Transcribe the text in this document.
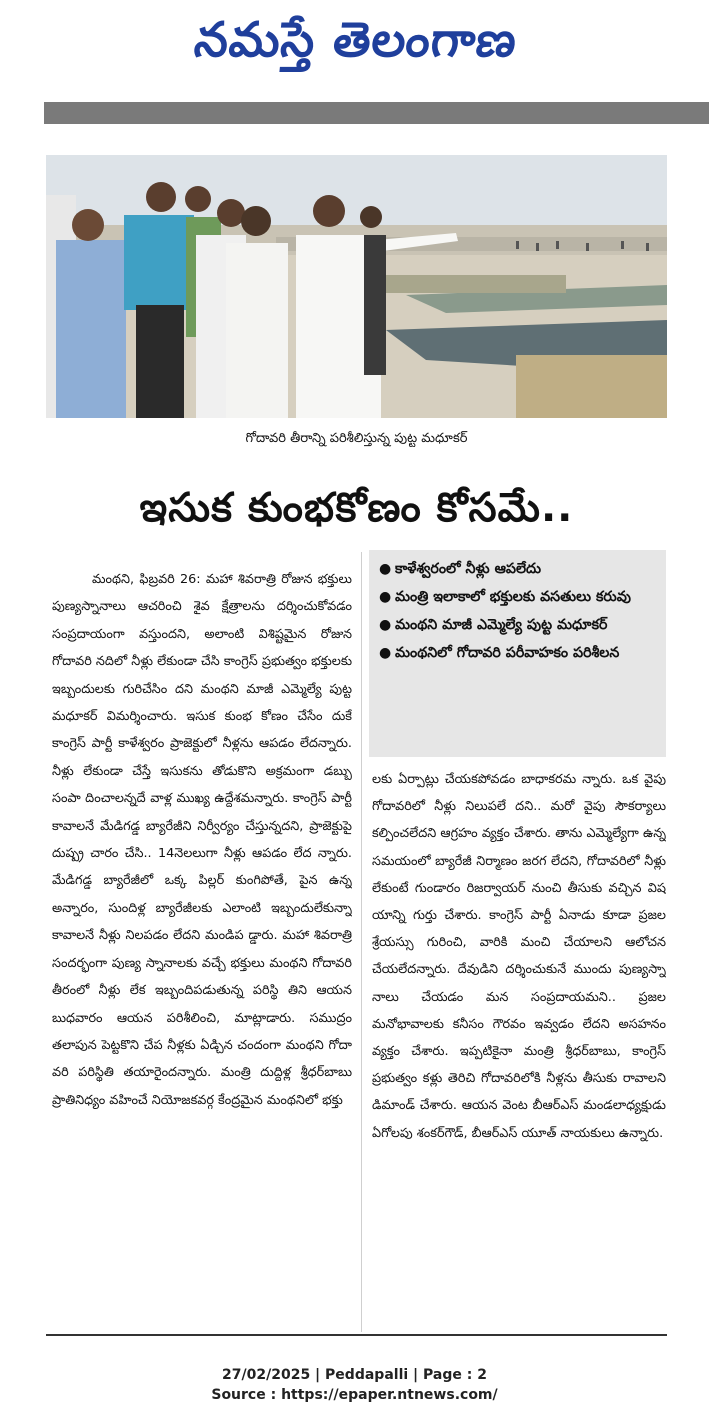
నమస్తే తెలంగాణ
గోదావరి తీరాన్ని పరిశీలిస్తున్న పుట్ట మధూకర్
ఇసుక కుంభకోణం కోసమే..

మంథని, ఫిబ్రవరి 26: మహా శివరాత్రి రోజున భక్తులు పుణ్యస్నానాలు ఆచరించి శైవ క్షేత్రాలను దర్శించుకోవడం సంప్రదాయంగా వస్తుందని, అలాంటి విశిష్టమైన రోజున గోదావరి నదిలో నీళ్లు లేకుండా చేసి కాంగ్రెస్ ప్రభుత్వం భక్తులకు ఇబ్బందులకు గురిచేసిం దని మంథని మాజీ ఎమ్మెల్యే పుట్ట మధూకర్ విమర్శించారు. ఇసుక కుంభ కోణం చేసేం దుకే కాంగ్రెస్ పార్టీ కాళేశ్వరం ప్రాజెక్టులో నీళ్లను ఆపడం లేదన్నారు. నీళ్లు లేకుండా చేస్తే ఇసుకను తోడుకొని అక్రమంగా డబ్బు సంపా దించాలన్నదే వాళ్ల ముఖ్య ఉద్దేశమన్నారు. కాంగ్రెస్ పార్టీ కావాలనే మేడిగడ్డ బ్యారేజీని నిర్వీర్యం చేస్తున్నదని, ప్రాజెక్టుపై దుష్ప్ర చారం చేసి.. 14నెలలుగా నీళ్లు ఆపడం లేద న్నారు. మేడిగడ్డ బ్యారేజీలో ఒక్క పిల్లర్ కుంగిపోతే, పైన ఉన్న అన్నారం, సుందిళ్ల బ్యారేజీలకు ఎలాంటి ఇబ్బందులేకున్నా కావాలనే నీళ్లు నిలపడం లేదని మండిప డ్డారు. మహా శివరాత్రి సందర్భంగా పుణ్య స్నానాలకు వచ్చే భక్తులు మంథని గోదావరి తీరంలో నీళ్లు లేక ఇబ్బందిపడుతున్న పరిస్థి తిని ఆయన బుధవారం ఆయన పరిశీలించి, మాట్లాడారు. సముద్రం తలాపున పెట్టకొని చేప నీళ్లకు ఏడ్చిన చందంగా మంథని గోదా వరి పరిస్థితి తయారైందన్నారు. మంత్రి దుద్దిళ్ల శ్రీధర్‌బాబు ప్రాతినిధ్యం వహించే నియోజకవర్గ కేంద్రమైన మంథనిలో భక్తు

● కాళేశ్వరంలో నీళ్లు ఆపలేదు
● మంత్రి ఇలాకాలో భక్తులకు వసతులు కరువు
● మంథని మాజీ ఎమ్మెల్యే పుట్ట మధూకర్
● మంథనిలో గోదావరి పరీవాహకం పరిశీలన

లకు ఏర్పాట్లు చేయకపోవడం బాధాకరమ న్నారు. ఒక వైపు గోదావరిలో నీళ్లు నిలుపలే దని.. మరో వైపు సౌకర్యాలు కల్పించలేదని ఆగ్రహం వ్యక్తం చేశారు. తాను ఎమ్మెల్యేగా ఉన్న సమయంలో బ్యారేజీ నిర్మాణం జరగ లేదని, గోదావరిలో నీళ్లు లేకుంటే గుండారం రిజర్వాయర్ నుంచి తీసుకు వచ్చిన విష యాన్ని గుర్తు చేశారు. కాంగ్రెస్ పార్టీ ఏనాడు కూడా ప్రజల శ్రేయస్సు గురించి, వారికి మంచి చేయాలని ఆలోచన చేయలేదన్నారు. దేవుడిని దర్శించుకునే ముందు పుణ్యస్నా నాలు చేయడం మన సంప్రదాయమని.. ప్రజల మనోభావాలకు కనీసం గౌరవం ఇవ్వడం లేదని అసహనం వ్యక్తం చేశారు. ఇప్పటికైనా మంత్రి శ్రీధర్‌బాబు, కాంగ్రెస్ ప్రభుత్వం కళ్లు తెరిచి గోదావరిలోకి నీళ్లను తీసుకు రావాలని డిమాండ్ చేశారు. ఆయన వెంట బీఆర్ఎస్ మండలాధ్యక్షుడు ఏగోలపు శంకర్‌గౌడ్, బీఆర్ఎస్ యూత్ నాయకులు ఉన్నారు.

27/02/2025 | Peddapalli | Page : 2
Source : https://epaper.ntnews.com/
